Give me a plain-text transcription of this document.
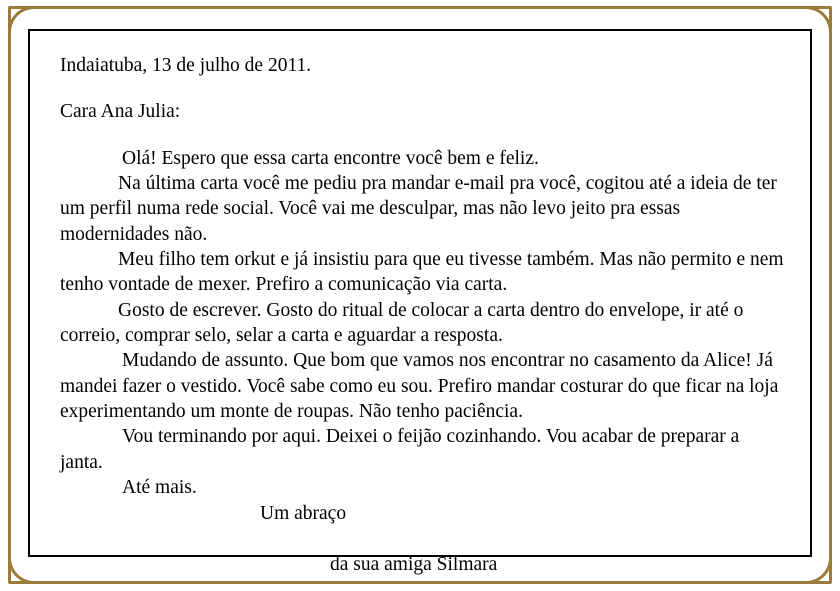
Indaiatuba, 13 de julho de 2011.

Cara Ana Julia:

Olá! Espero que essa carta encontre você bem e feliz.

Na última carta você me pediu pra mandar e-mail pra você, cogitou até a ideia de ter um perfil numa rede social. Você vai me desculpar, mas não levo jeito pra essas modernidades não.

Meu filho tem orkut e já insistiu para que eu tivesse também. Mas não permito e nem tenho vontade de mexer. Prefiro a comunicação via carta.

Gosto de escrever. Gosto do ritual de colocar a carta dentro do envelope, ir até o correio, comprar selo, selar a carta e aguardar a resposta.

Mudando de assunto. Que bom que vamos nos encontrar no casamento da Alice! Já mandei fazer o vestido. Você sabe como eu sou. Prefiro mandar costurar do que ficar na loja experimentando um monte de roupas. Não tenho paciência.

Vou terminando por aqui. Deixei o feijão cozinhando. Vou acabar de preparar a janta.

Até mais.

Um abraço

da sua amiga Silmara
